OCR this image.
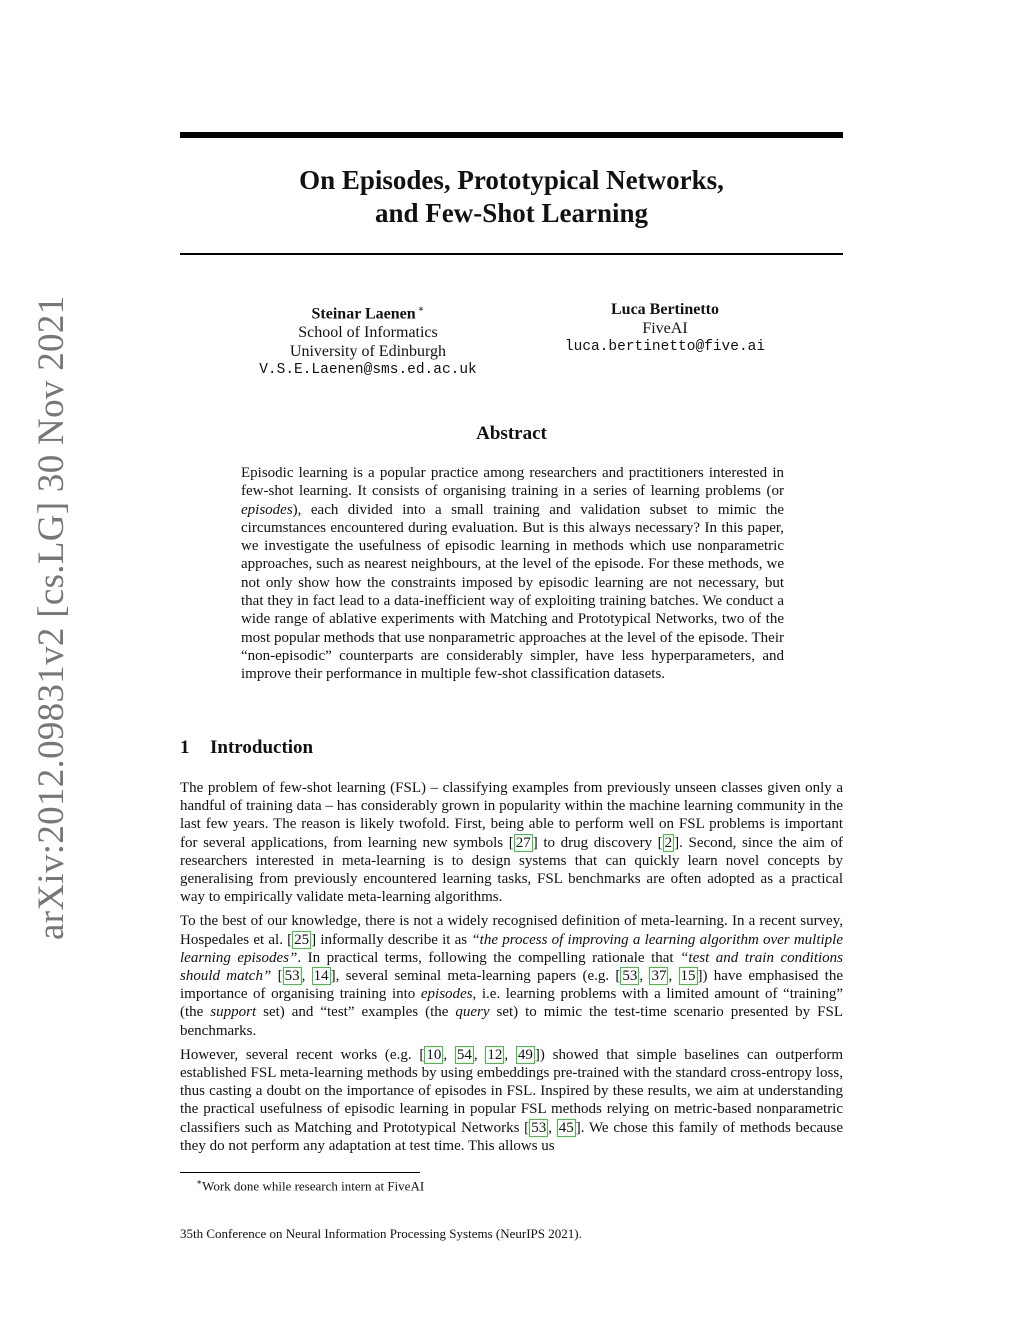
arXiv:2012.09831v2 [cs.LG] 30 Nov 2021
On Episodes, Prototypical Networks,
and Few-Shot Learning
Steinar Laenen ∗
School of Informatics
University of Edinburgh
V.S.E.Laenen@sms.ed.ac.uk
Luca Bertinetto
FiveAI
luca.bertinetto@five.ai
Abstract
Episodic learning is a popular practice among researchers and practitioners interested in few-shot learning. It consists of organising training in a series of learning problems (or episodes), each divided into a small training and validation subset to mimic the circumstances encountered during evaluation. But is this always necessary? In this paper, we investigate the usefulness of episodic learning in methods which use nonparametric approaches, such as nearest neighbours, at the level of the episode. For these methods, we not only show how the constraints imposed by episodic learning are not necessary, but that they in fact lead to a data-inefficient way of exploiting training batches. We conduct a wide range of ablative experiments with Matching and Prototypical Networks, two of the most popular methods that use nonparametric approaches at the level of the episode. Their “non-episodic” counterparts are considerably simpler, have less hyperparameters, and improve their performance in multiple few-shot classification datasets.
1 Introduction

The problem of few-shot learning (FSL) – classifying examples from previously unseen classes given only a handful of training data – has considerably grown in popularity within the machine learning community in the last few years. The reason is likely twofold. First, being able to perform well on FSL problems is important for several applications, from learning new symbols [ 27 ] to drug discovery [ 2 ]. Second, since the aim of researchers interested in meta-learning is to design systems that can quickly learn novel concepts by generalising from previously encountered learning tasks, FSL benchmarks are often adopted as a practical way to empirically validate meta-learning algorithms.

To the best of our knowledge, there is not a widely recognised definition of meta-learning. In a recent survey, Hospedales et al. [ 25 ] informally describe it as “the process of improving a learning algorithm over multiple learning episodes”. In practical terms, following the compelling rationale that “test and train conditions should match” [ 53 , 14 ], several seminal meta-learning papers (e.g. [ 53 , 37 , 15 ]) have emphasised the importance of organising training into episodes, i.e. learning problems with a limited amount of “training” (the support set) and “test” examples (the query set) to mimic the test-time scenario presented by FSL benchmarks.

However, several recent works (e.g. [ 10 , 54 , 12 , 49 ]) showed that simple baselines can outperform established FSL meta-learning methods by using embeddings pre-trained with the standard cross-entropy loss, thus casting a doubt on the importance of episodes in FSL. Inspired by these results, we aim at understanding the practical usefulness of episodic learning in popular FSL methods relying on metric-based nonparametric classifiers such as Matching and Prototypical Networks [ 53 , 45 ]. We chose this family of methods because they do not perform any adaptation at test time. This allows us

∗Work done while research intern at FiveAI
35th Conference on Neural Information Processing Systems (NeurIPS 2021).
